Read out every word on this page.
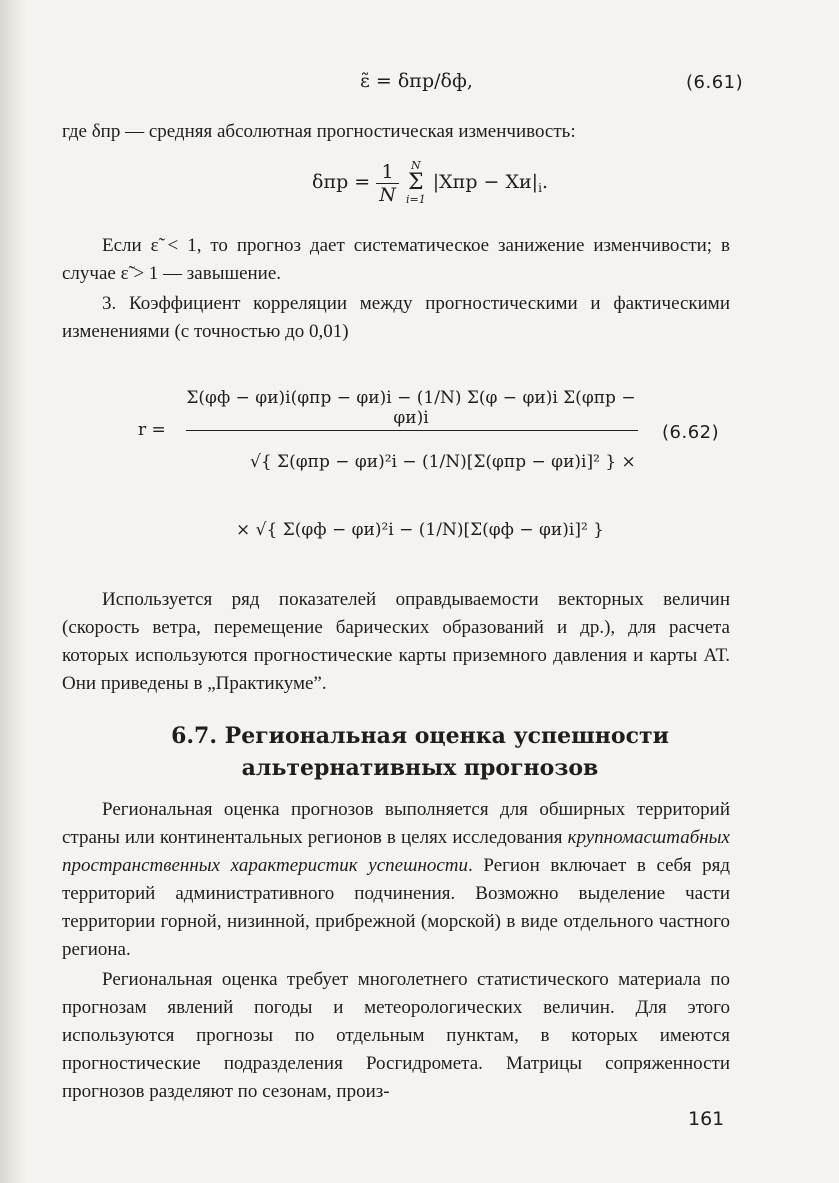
ε̃ = δпр/δф,	(6.61)
где δпр — средняя абсолютная прогностическая изменчивость:
$\delta пр = \frac{1}{N}$
	N
Σ
i=1
$|Xпр - Xи|_i$.
Если ε̃ < 1, то прогноз дает систематическое занижение изменчивости; в случае ε̃ > 1 — завышение.
3. Коэффициент корреляции между прогностическими и фактическими изменениями (с точностью до 0,01)
r =
Σ(φф − φи)i(φпр − φи)i − (1/N) Σ(φ − φи)i Σ(φпр − φи)i
√{ Σ(φпр − φи)²i − (1/N)[Σ(φпр − φи)i]² } ×
× √{ Σ(φф − φи)²i − (1/N)[Σ(φф − φи)i]² }
(6.62)
Используется ряд показателей оправдываемости векторных величин (скорость ветра, перемещение барических образований и др.), для расчета которых используются прогностические карты приземного давления и карты АТ. Они приведены в „Практикуме”.
6.7. Региональная оценка успешности
альтернативных прогнозов
Региональная оценка прогнозов выполняется для обширных территорий страны или континентальных регионов в целях исследования крупномасштабных пространственных характеристик успешности. Регион включает в себя ряд территорий административного подчинения. Возможно выделение части территории горной, низинной, прибрежной (морской) в виде отдельного частного региона.
Региональная оценка требует многолетнего статистического материала по прогнозам явлений погоды и метеорологических величин. Для этого используются прогнозы по отдельным пунктам, в которых имеются прогностические подразделения Росгидромета. Матрицы сопряженности прогнозов разделяют по сезонам, произ-
161
